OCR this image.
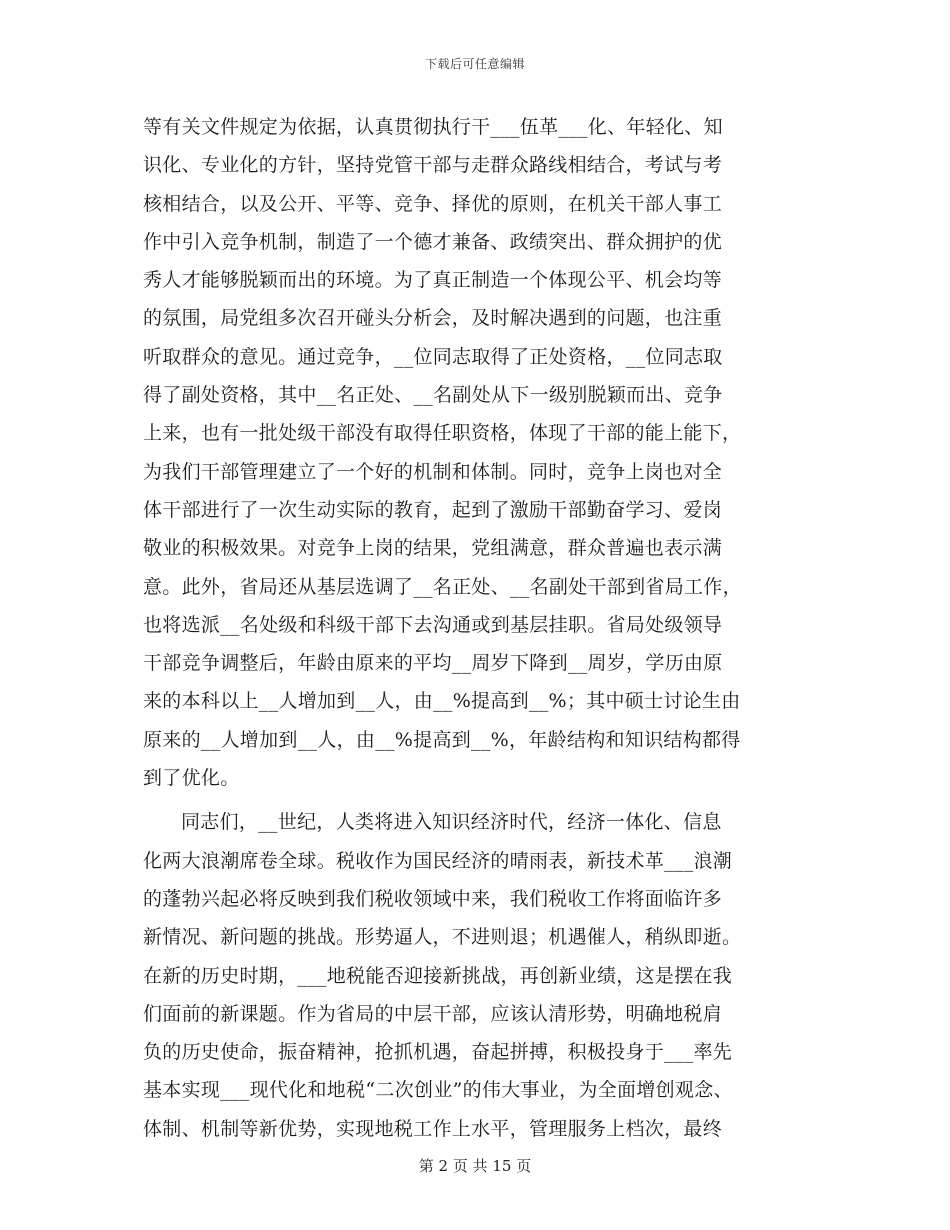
下载后可任意编辑
等有关文件规定为依据，认真贯彻执行干___伍革___化、年轻化、知
识化、专业化的方针，坚持党管干部与走群众路线相结合，考试与考
核相结合，以及公开、平等、竞争、择优的原则，在机关干部人事工
作中引入竞争机制，制造了一个德才兼备、政绩突出、群众拥护的优
秀人才能够脱颖而出的环境。为了真正制造一个体现公平、机会均等
的氛围，局党组多次召开碰头分析会，及时解决遇到的问题，也注重
听取群众的意见。通过竞争，__位同志取得了正处资格，__位同志取
得了副处资格，其中__名正处、__名副处从下一级别脱颖而出、竞争
上来，也有一批处级干部没有取得任职资格，体现了干部的能上能下，
为我们干部管理建立了一个好的机制和体制。同时，竞争上岗也对全
体干部进行了一次生动实际的教育，起到了激励干部勤奋学习、爱岗
敬业的积极效果。对竞争上岗的结果，党组满意，群众普遍也表示满
意。此外，省局还从基层选调了__名正处、__名副处干部到省局工作，
也将选派__名处级和科级干部下去沟通或到基层挂职。省局处级领导
干部竞争调整后，年龄由原来的平均__周岁下降到__周岁，学历由原
来的本科以上__人增加到__人，由__%提高到__%；其中硕士讨论生由
原来的__人增加到__人，由__%提高到__%，年龄结构和知识结构都得
到了优化。
同志们，__世纪，人类将进入知识经济时代，经济一体化、信息
化两大浪潮席卷全球。税收作为国民经济的晴雨表，新技术革___浪潮
的蓬勃兴起必将反映到我们税收领域中来，我们税收工作将面临许多
新情况、新问题的挑战。形势逼人，不进则退；机遇催人，稍纵即逝。
在新的历史时期，___地税能否迎接新挑战，再创新业绩，这是摆在我
们面前的新课题。作为省局的中层干部，应该认清形势，明确地税肩
负的历史使命，振奋精神，抢抓机遇，奋起拼搏，积极投身于___率先
基本实现___现代化和地税“二次创业”的伟大事业，为全面增创观念、
体制、机制等新优势，实现地税工作上水平，管理服务上档次，最终
第 2 页 共 15 页
